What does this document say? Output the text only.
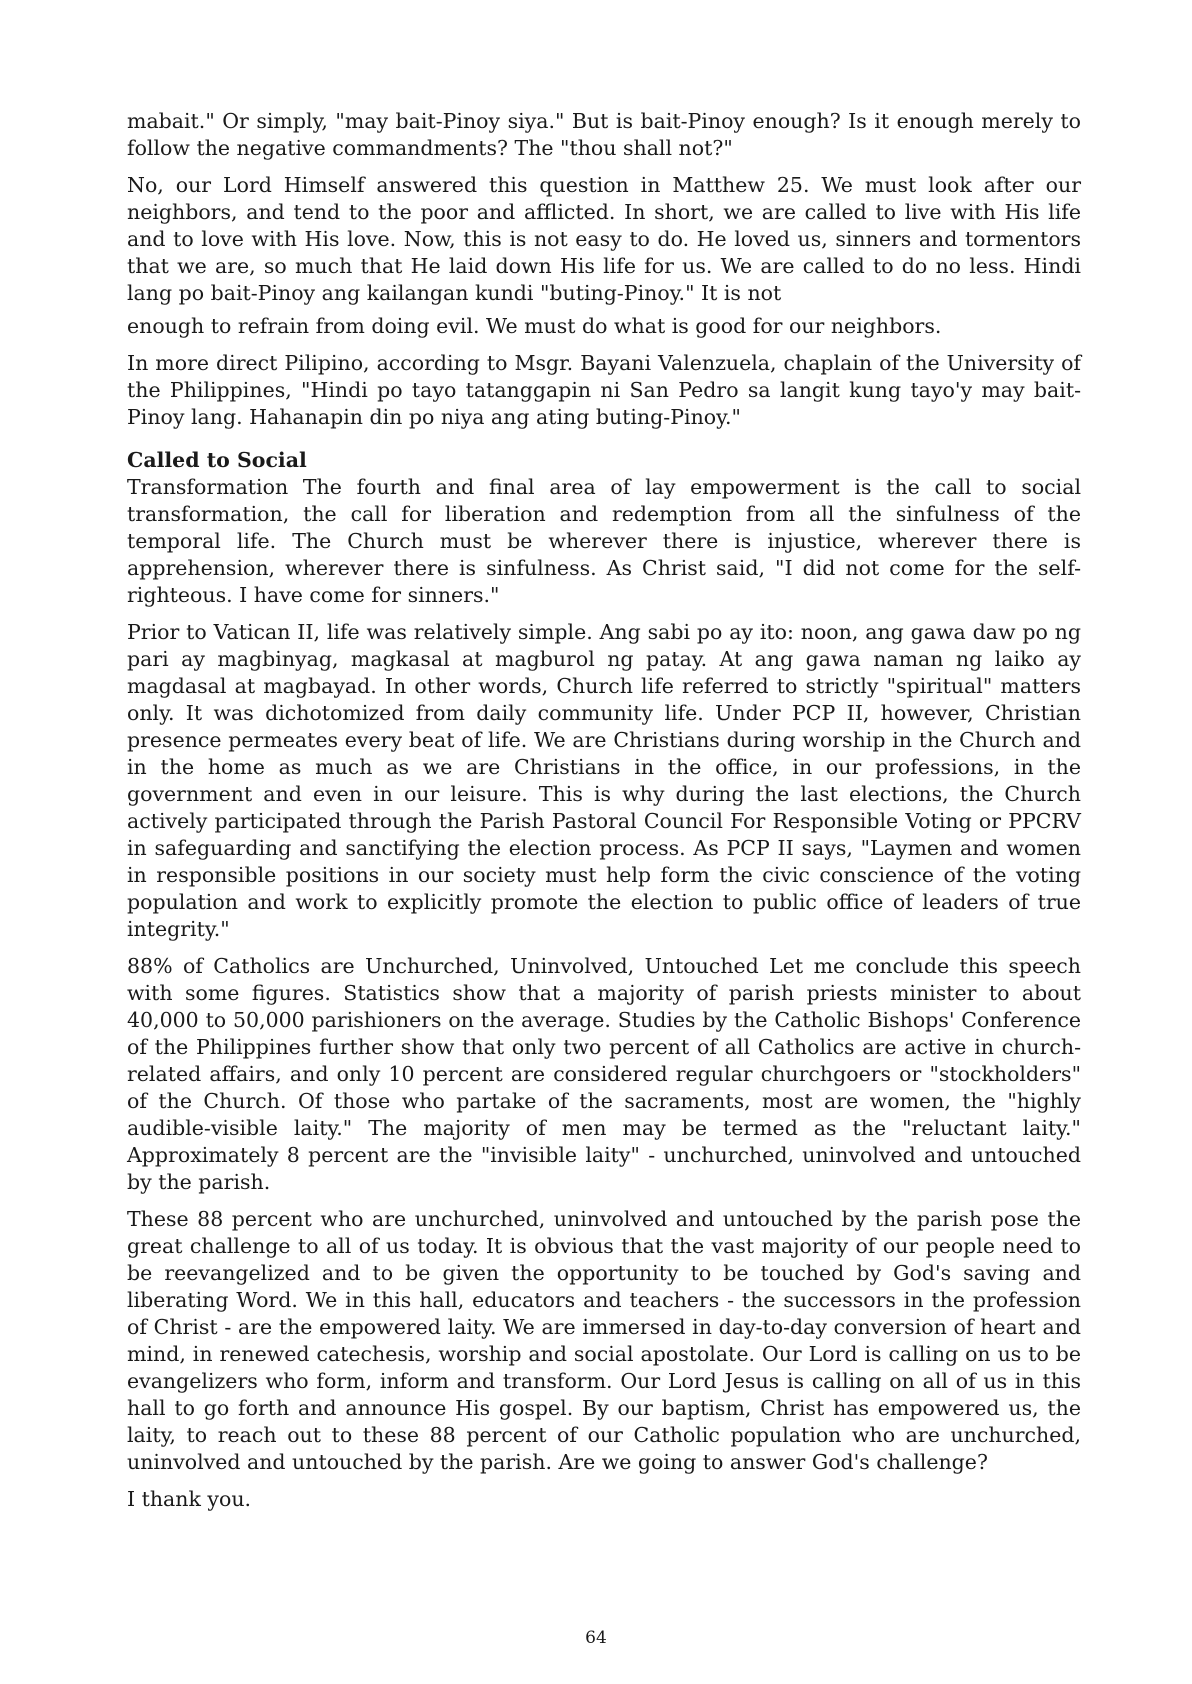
mabait." Or simply, "may bait-Pinoy siya." But is bait-Pinoy enough? Is it enough merely to follow the negative commandments? The "thou shall not?"

No, our Lord Himself answered this question in Matthew 25. We must look after our neighbors, and tend to the poor and afflicted. In short, we are called to live with His life and to love with His love. Now, this is not easy to do. He loved us, sinners and tormentors that we are, so much that He laid down His life for us. We are called to do no less. Hindi lang po bait-Pinoy ang kailangan kundi "buting-Pinoy." It is not

enough to refrain from doing evil. We must do what is good for our neighbors.

In more direct Pilipino, according to Msgr. Bayani Valenzuela, chaplain of the University of the Philippines, "Hindi po tayo tatanggapin ni San Pedro sa langit kung tayo'y may bait-Pinoy lang. Hahanapin din po niya ang ating buting-Pinoy."

Called to Social

Transformation The fourth and final area of lay empowerment is the call to social transformation, the call for liberation and redemption from all the sinfulness of the temporal life. The Church must be wherever there is injustice, wherever there is apprehension, wherever there is sinfulness. As Christ said, "I did not come for the self-righteous. I have come for sinners."

Prior to Vatican II, life was relatively simple. Ang sabi po ay ito: noon, ang gawa daw po ng pari ay magbinyag, magkasal at magburol ng patay. At ang gawa naman ng laiko ay magdasal at magbayad. In other words, Church life referred to strictly "spiritual" matters only. It was dichotomized from daily community life. Under PCP II, however, Christian presence permeates every beat of life. We are Christians during worship in the Church and in the home as much as we are Christians in the office, in our professions, in the government and even in our leisure. This is why during the last elections, the Church actively participated through the Parish Pastoral Council For Responsible Voting or PPCRV in safeguarding and sanctifying the election process. As PCP II says, "Laymen and women in responsible positions in our society must help form the civic conscience of the voting population and work to explicitly promote the election to public office of leaders of true integrity."

88% of Catholics are Unchurched, Uninvolved, Untouched Let me conclude this speech with some figures. Statistics show that a majority of parish priests minister to about 40,000 to 50,000 parishioners on the average. Studies by the Catholic Bishops' Conference of the Philippines further show that only two percent of all Catholics are active in church-related affairs, and only 10 percent are considered regular churchgoers or "stockholders" of the Church. Of those who partake of the sacraments, most are women, the "highly audible-visible laity." The majority of men may be termed as the "reluctant laity." Approximately 8 percent are the "invisible laity" - unchurched, uninvolved and untouched by the parish.

These 88 percent who are unchurched, uninvolved and untouched by the parish pose the great challenge to all of us today. It is obvious that the vast majority of our people need to be reevangelized and to be given the opportunity to be touched by God's saving and liberating Word. We in this hall, educators and teachers - the successors in the profession of Christ - are the empowered laity. We are immersed in day-to-day conversion of heart and mind, in renewed catechesis, worship and social apostolate. Our Lord is calling on us to be evangelizers who form, inform and transform. Our Lord Jesus is calling on all of us in this hall to go forth and announce His gospel. By our baptism, Christ has empowered us, the laity, to reach out to these 88 percent of our Catholic population who are unchurched, uninvolved and untouched by the parish. Are we going to answer God's challenge?

I thank you.

64
